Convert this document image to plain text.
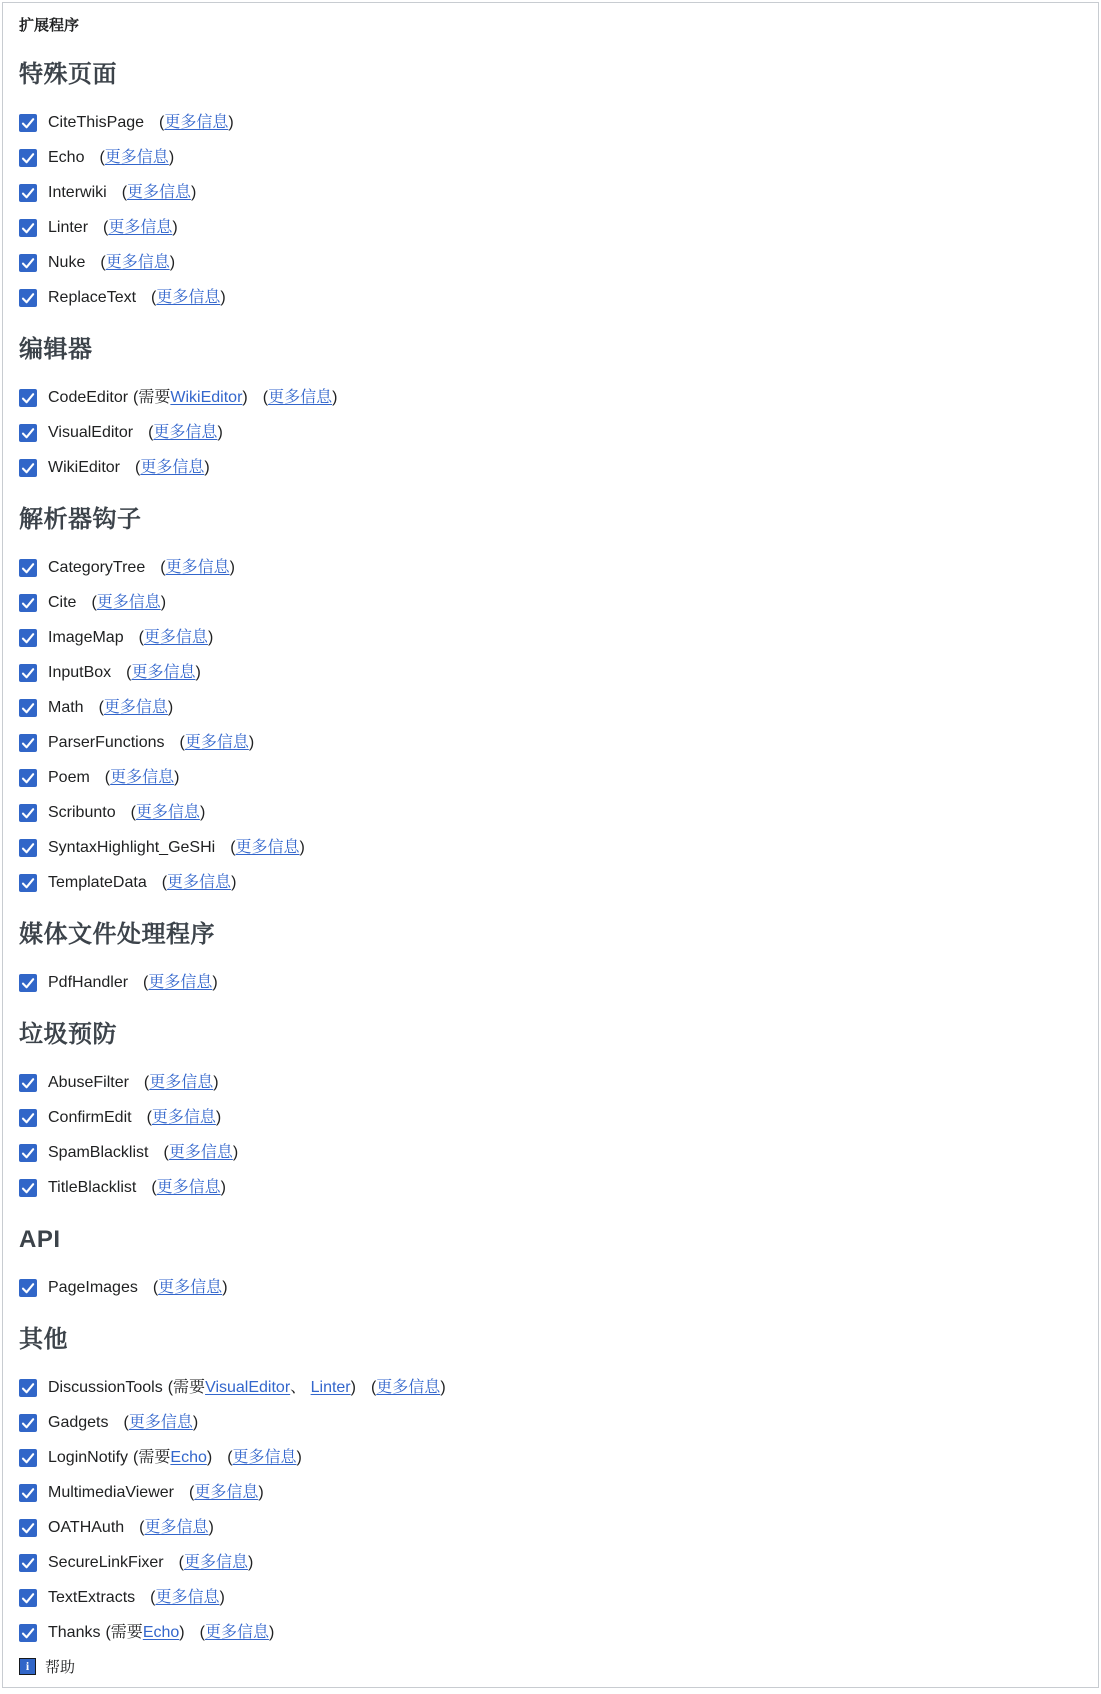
扩展程序
特殊页面
CiteThisPage (更多信息)
Echo (更多信息)
Interwiki (更多信息)
Linter (更多信息)
Nuke (更多信息)
ReplaceText (更多信息)
编辑器
CodeEditor (需要WikiEditor) (更多信息)
VisualEditor (更多信息)
WikiEditor (更多信息)
解析器钩子
CategoryTree (更多信息)
Cite (更多信息)
ImageMap (更多信息)
InputBox (更多信息)
Math (更多信息)
ParserFunctions (更多信息)
Poem (更多信息)
Scribunto (更多信息)
SyntaxHighlight_GeSHi (更多信息)
TemplateData (更多信息)
媒体文件处理程序
PdfHandler (更多信息)
垃圾预防
AbuseFilter (更多信息)
ConfirmEdit (更多信息)
SpamBlacklist (更多信息)
TitleBlacklist (更多信息)
API
PageImages (更多信息)
其他
DiscussionTools (需要VisualEditor、 Linter) (更多信息)
Gadgets (更多信息)
LoginNotify (需要Echo) (更多信息)
MultimediaViewer (更多信息)
OATHAuth (更多信息)
SecureLinkFixer (更多信息)
TextExtracts (更多信息)
Thanks (需要Echo) (更多信息)
i	帮助
